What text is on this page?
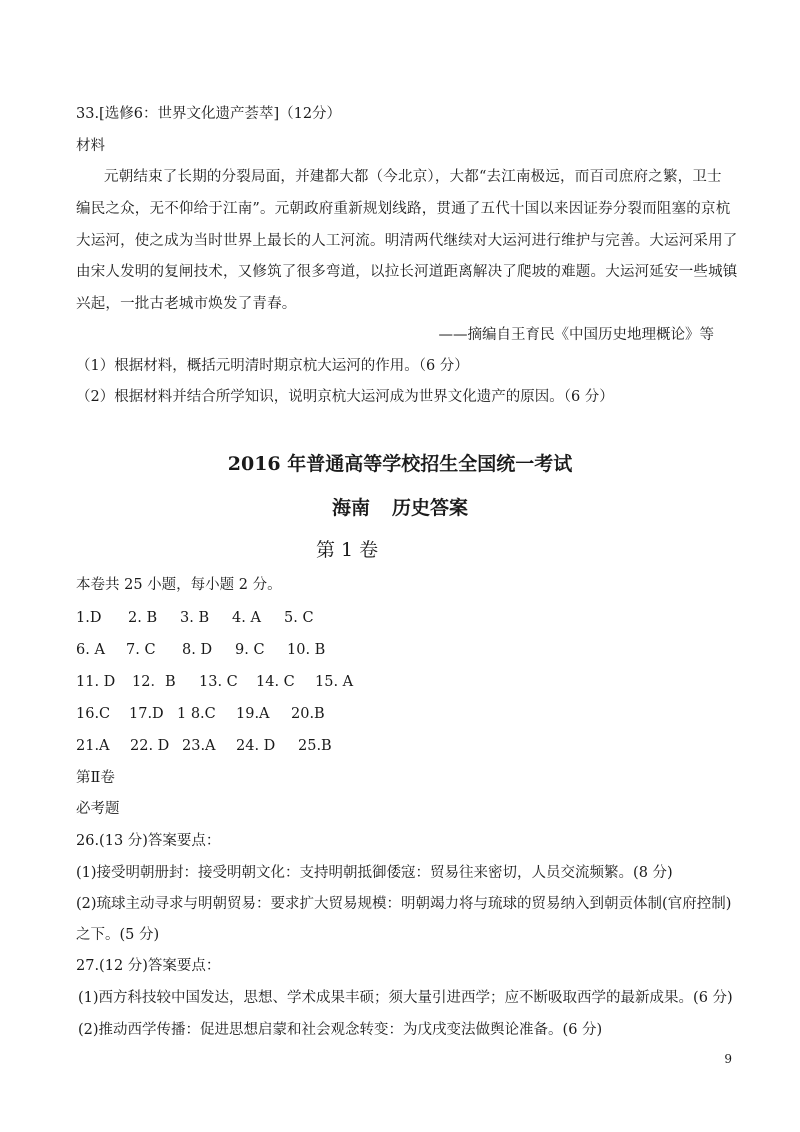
33.[选修6：世界文化遗产荟萃]（12分）
材料
元朝结束了长期的分裂局面，并建都大都（今北京），大都“去江南极远，而百司庶府之繁，卫士
编民之众，无不仰给于江南”。元朝政府重新规划线路，贯通了五代十国以来因证券分裂而阻塞的京杭
大运河，使之成为当时世界上最长的人工河流。明清两代继续对大运河进行维护与完善。大运河采用了
由宋人发明的复闸技术，又修筑了很多弯道，以拉长河道距离解决了爬坡的难题。大运河延安一些城镇
兴起，一批古老城市焕发了青春。
——摘编自王育民《中国历史地理概论》等
（1）根据材料，概括元明清时期京杭大运河的作用。（6 分）
（2）根据材料并结合所学知识，说明京杭大运河成为世界文化遗产的原因。（6 分）
2016 年普通高等学校招生全国统一考试
海南 历史答案
第 1 卷
本卷共 25 小题，每小题 2 分。
1.D 2. B 3. B 4. A 5. C
6. A 7. C 8. D 9. C 10. B
11. D 12．B 13. C 14. C 15. A
16.C 17.D 1 8.C 19.A 20.B
21.A 22. D 23.A 24. D 25.B
第Ⅱ卷
必考题
26.(13 分)答案要点：
(1)接受明朝册封：接受明朝文化：支持明朝抵御倭寇：贸易往来密切，人员交流频繁。(8 分)
(2)琉球主动寻求与明朝贸易：要求扩大贸易规模：明朝竭力将与琉球的贸易纳入到朝贡体制(官府控制)
之下。(5 分)
27.(12 分)答案要点：
(1)西方科技较中国发达，思想、学术成果丰硕；须大量引进西学；应不断吸取西学的最新成果。(6 分)
(2)推动西学传播：促进思想启蒙和社会观念转变：为戊戌变法做舆论准备。(6 分)
9
